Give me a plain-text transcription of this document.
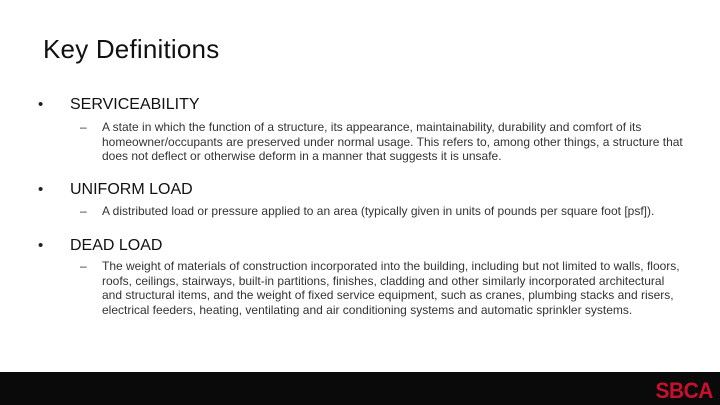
Key Definitions
• SERVICEABILITY
– A state in which the function of a structure, its appearance, maintainability, durability and comfort of its homeowner/occupants are preserved under normal usage. This refers to, among other things, a structure that does not deflect or otherwise deform in a manner that suggests it is unsafe.
• UNIFORM LOAD
– A distributed load or pressure applied to an area (typically given in units of pounds per square foot [psf]).
• DEAD LOAD
– The weight of materials of construction incorporated into the building, including but not limited to walls, floors, roofs, ceilings, stairways, built-in partitions, finishes, cladding and other similarly incorporated architectural and structural items, and the weight of fixed service equipment, such as cranes, plumbing stacks and risers, electrical feeders, heating, ventilating and air conditioning systems and automatic sprinkler systems.
SBCA
